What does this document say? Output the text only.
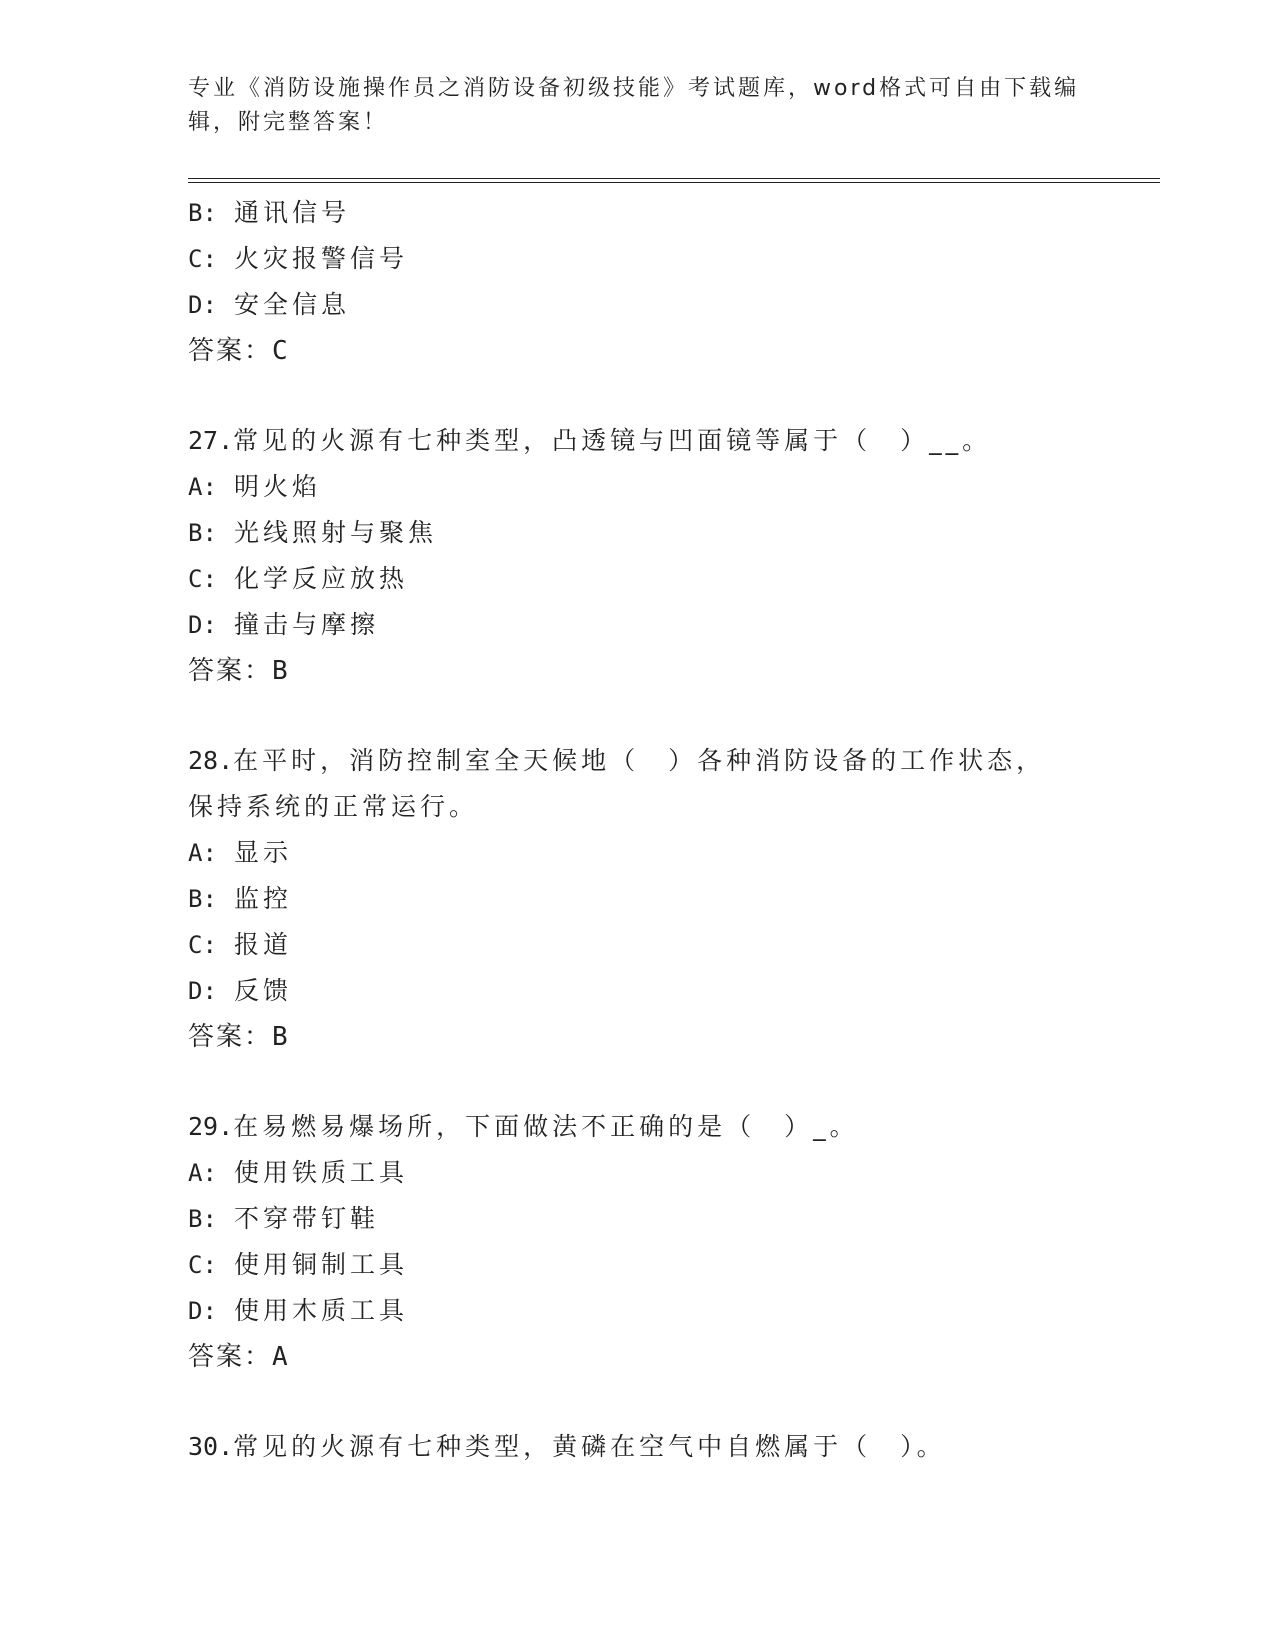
专业《消防设施操作员之消防设备初级技能》考试题库，word格式可自由下载编辑，附完整答案！
B: 通讯信号
C: 火灾报警信号
D: 安全信息
答案：C
27.常见的火源有七种类型，凸透镜与凹面镜等属于（　）__。
A: 明火焰
B: 光线照射与聚焦
C: 化学反应放热
D: 撞击与摩擦
答案：B
28.在平时，消防控制室全天候地（　）各种消防设备的工作状态，保持系统的正常运行。
A: 显示
B: 监控
C: 报道
D: 反馈
答案：B
29.在易燃易爆场所，下面做法不正确的是（　）_。
A: 使用铁质工具
B: 不穿带钉鞋
C: 使用铜制工具
D: 使用木质工具
答案：A
30.常见的火源有七种类型，黄磷在空气中自燃属于（　）。
